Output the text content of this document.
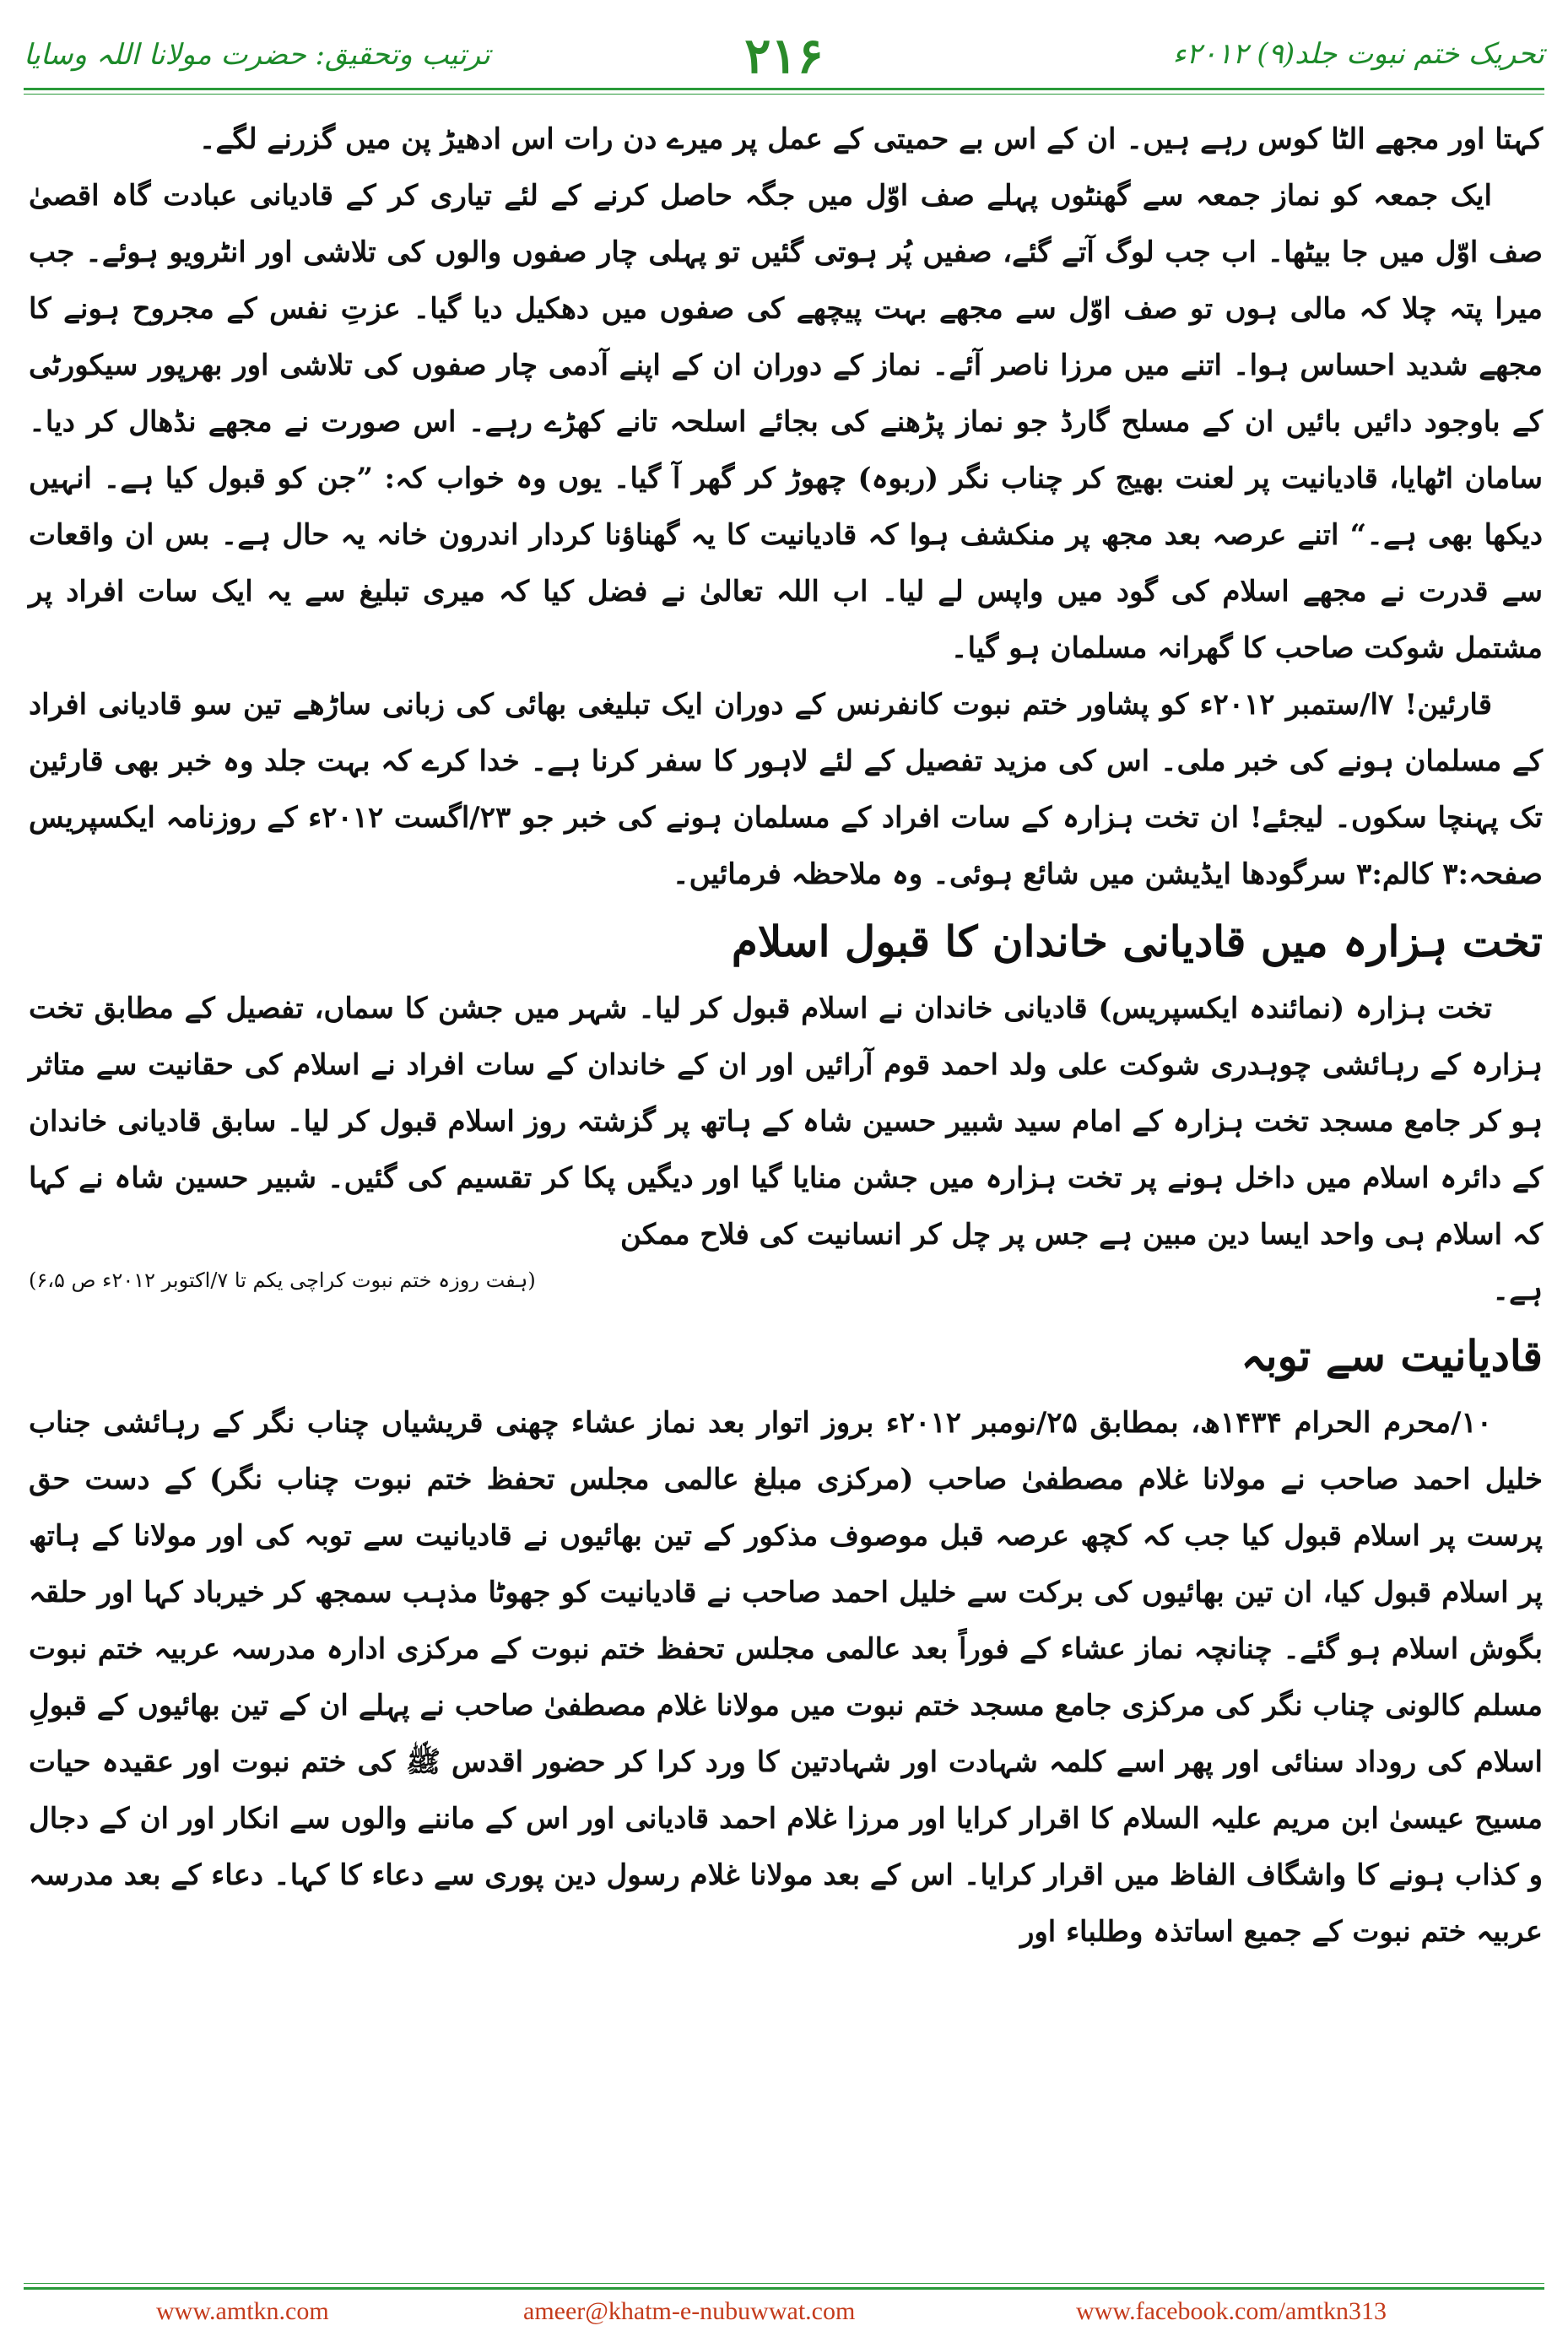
ترتیب وتحقیق: حضرت مولانا اللہ وسایا	۲۱۶	تحریک ختم نبوت جلد(۹) ۲۰۱۲ء

کہتا اور مجھے الٹا کوس رہے ہیں۔ ان کے اس بے حمیتی کے عمل پر میرے دن رات اس ادھیڑ پن میں گزرنے لگے۔

ایک جمعہ کو نماز جمعہ سے گھنٹوں پہلے صف اوّل میں جگہ حاصل کرنے کے لئے تیاری کر کے قادیانی عبادت گاہ اقصیٰ صف اوّل میں جا بیٹھا۔ اب جب لوگ آتے گئے، صفیں پُر ہوتی گئیں تو پہلی چار صفوں والوں کی تلاشی اور انٹرویو ہوئے۔ جب میرا پتہ چلا کہ مالی ہوں تو صف اوّل سے مجھے بہت پیچھے کی صفوں میں دھکیل دیا گیا۔ عزتِ نفس کے مجروح ہونے کا مجھے شدید احساس ہوا۔ اتنے میں مرزا ناصر آئے۔ نماز کے دوران ان کے اپنے آدمی چار صفوں کی تلاشی اور بھرپور سیکورٹی کے باوجود دائیں بائیں ان کے مسلح گارڈ جو نماز پڑھنے کی بجائے اسلحہ تانے کھڑے رہے۔ اس صورت نے مجھے نڈھال کر دیا۔ سامان اٹھایا، قادیانیت پر لعنت بھیج کر چناب نگر (ربوہ) چھوڑ کر گھر آ گیا۔ یوں وہ خواب کہ: ”جن کو قبول کیا ہے۔ انہیں دیکھا بھی ہے۔“ اتنے عرصہ بعد مجھ پر منکشف ہوا کہ قادیانیت کا یہ گھناؤنا کردار اندرون خانہ یہ حال ہے۔ بس ان واقعات سے قدرت نے مجھے اسلام کی گود میں واپس لے لیا۔ اب اللہ تعالیٰ نے فضل کیا کہ میری تبلیغ سے یہ ایک سات افراد پر مشتمل شوکت صاحب کا گھرانہ مسلمان ہو گیا۔

قارئین! ۷ا/ستمبر ۲۰۱۲ء کو پشاور ختم نبوت کانفرنس کے دوران ایک تبلیغی بھائی کی زبانی ساڑھے تین سو قادیانی افراد کے مسلمان ہونے کی خبر ملی۔ اس کی مزید تفصیل کے لئے لاہور کا سفر کرنا ہے۔ خدا کرے کہ بہت جلد وہ خبر بھی قارئین تک پہنچا سکوں۔ لیجئے! ان تخت ہزارہ کے سات افراد کے مسلمان ہونے کی خبر جو ۲۳/اگست ۲۰۱۲ء کے روزنامہ ایکسپریس صفحہ:۳ کالم:۳ سرگودھا ایڈیشن میں شائع ہوئی۔ وہ ملاحظہ فرمائیں۔

تخت ہزارہ میں قادیانی خاندان کا قبول اسلام

تخت ہزارہ (نمائندہ ایکسپریس) قادیانی خاندان نے اسلام قبول کر لیا۔ شہر میں جشن کا سماں، تفصیل کے مطابق تخت ہزارہ کے رہائشی چوہدری شوکت علی ولد احمد قوم آرائیں اور ان کے خاندان کے سات افراد نے اسلام کی حقانیت سے متاثر ہو کر جامع مسجد تخت ہزارہ کے امام سید شبیر حسین شاہ کے ہاتھ پر گزشتہ روز اسلام قبول کر لیا۔ سابق قادیانی خاندان کے دائرہ اسلام میں داخل ہونے پر تخت ہزارہ میں جشن منایا گیا اور دیگیں پکا کر تقسیم کی گئیں۔ شبیر حسین شاہ نے کہا کہ اسلام ہی واحد ایسا دین مبین ہے جس پر چل کر انسانیت کی فلاح ممکن

ہے۔
(ہفت روزہ ختم نبوت کراچی یکم تا ۷/اکتوبر ۲۰۱۲ء ص ۶،۵)

قادیانیت سے توبہ

۱۰/محرم الحرام ۱۴۳۴ھ، بمطابق ۲۵/نومبر ۲۰۱۲ء بروز اتوار بعد نماز عشاء چھنی قریشیاں چناب نگر کے رہائشی جناب خلیل احمد صاحب نے مولانا غلام مصطفیٰ صاحب (مرکزی مبلغ عالمی مجلس تحفظ ختم نبوت چناب نگر) کے دست حق پرست پر اسلام قبول کیا جب کہ کچھ عرصہ قبل موصوف مذکور کے تین بھائیوں نے قادیانیت سے توبہ کی اور مولانا کے ہاتھ پر اسلام قبول کیا، ان تین بھائیوں کی برکت سے خلیل احمد صاحب نے قادیانیت کو جھوٹا مذہب سمجھ کر خیرباد کہا اور حلقہ بگوش اسلام ہو گئے۔ چنانچہ نماز عشاء کے فوراً بعد عالمی مجلس تحفظ ختم نبوت کے مرکزی ادارہ مدرسہ عربیہ ختم نبوت مسلم کالونی چناب نگر کی مرکزی جامع مسجد ختم نبوت میں مولانا غلام مصطفیٰ صاحب نے پہلے ان کے تین بھائیوں کے قبولِ اسلام کی روداد سنائی اور پھر اسے کلمہ شہادت اور شہادتین کا ورد کرا کر حضور اقدس ﷺ کی ختم نبوت اور عقیدہ حیات مسیح عیسیٰ ابن مریم علیہ السلام کا اقرار کرایا اور مرزا غلام احمد قادیانی اور اس کے ماننے والوں سے انکار اور ان کے دجال و کذاب ہونے کا واشگاف الفاظ میں اقرار کرایا۔ اس کے بعد مولانا غلام رسول دین پوری سے دعاء کا کہا۔ دعاء کے بعد مدرسہ عربیہ ختم نبوت کے جمیع اساتذہ وطلباء اور

www.amtkn.com	ameer@khatm-e-nubuwwat.com	www.facebook.com/amtkn313
